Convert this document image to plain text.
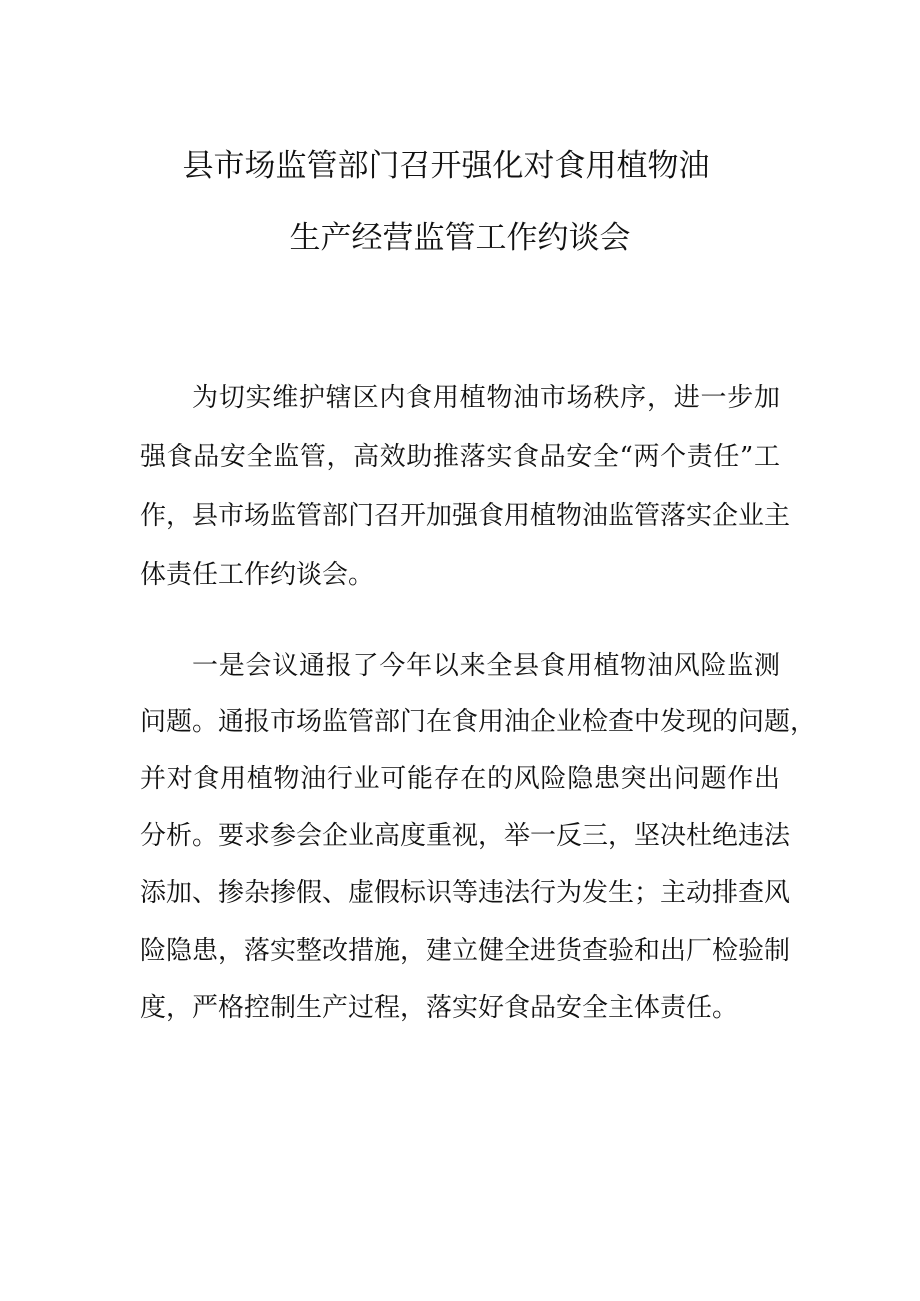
县市场监管部门召开强化对食用植物油
生产经营监管工作约谈会
为切实维护辖区内食用植物油市场秩序，进一步加
强食品安全监管，高效助推落实食品安全“两个责任”工
作，县市场监管部门召开加强食用植物油监管落实企业主
体责任工作约谈会。
一是会议通报了今年以来全县食用植物油风险监测
问题。通报市场监管部门在食用油企业检查中发现的问题，
并对食用植物油行业可能存在的风险隐患突出问题作出
分析。要求参会企业高度重视，举一反三，坚决杜绝违法
添加、掺杂掺假、虚假标识等违法行为发生；主动排查风
险隐患，落实整改措施，建立健全进货查验和出厂检验制
度，严格控制生产过程，落实好食品安全主体责任。
